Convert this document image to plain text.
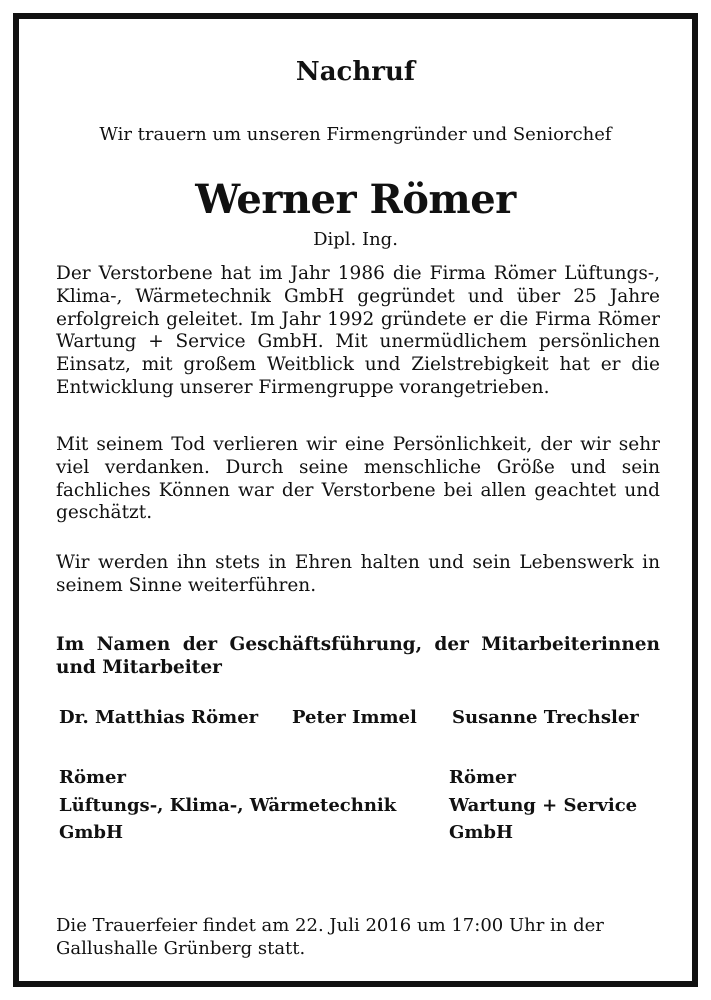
Nachruf

Wir trauern um unseren Firmengründer und Seniorchef

Werner Römer

Dipl. Ing.

Der Verstorbene hat im Jahr 1986 die Firma Römer Lüftungs-, Klima-, Wärmetechnik GmbH gegründet und über 25 Jahre erfolgreich geleitet. Im Jahr 1992 gründete er die Firma Römer Wartung + Service GmbH. Mit unermüdlichem persönlichen Einsatz, mit großem Weitblick und Zielstrebigkeit hat er die Entwicklung unserer Firmengruppe vorangetrieben.

Mit seinem Tod verlieren wir eine Persönlichkeit, der wir sehr viel verdanken. Durch seine menschliche Größe und sein fachliches Können war der Verstorbene bei allen geachtet und geschätzt.

Wir werden ihn stets in Ehren halten und sein Lebenswerk in seinem Sinne weiterführen.

Im Namen der Geschäftsführung, der Mitarbeiterinnen und Mitarbeiter

Dr. Matthias Römer Peter Immel Susanne Trechsler

Römer
Lüftungs-, Klima-, Wärmetechnik
GmbH
Römer
Wartung + Service
GmbH

Die Trauerfeier findet am 22. Juli 2016 um 17:00 Uhr in der Gallushalle Grünberg statt.
